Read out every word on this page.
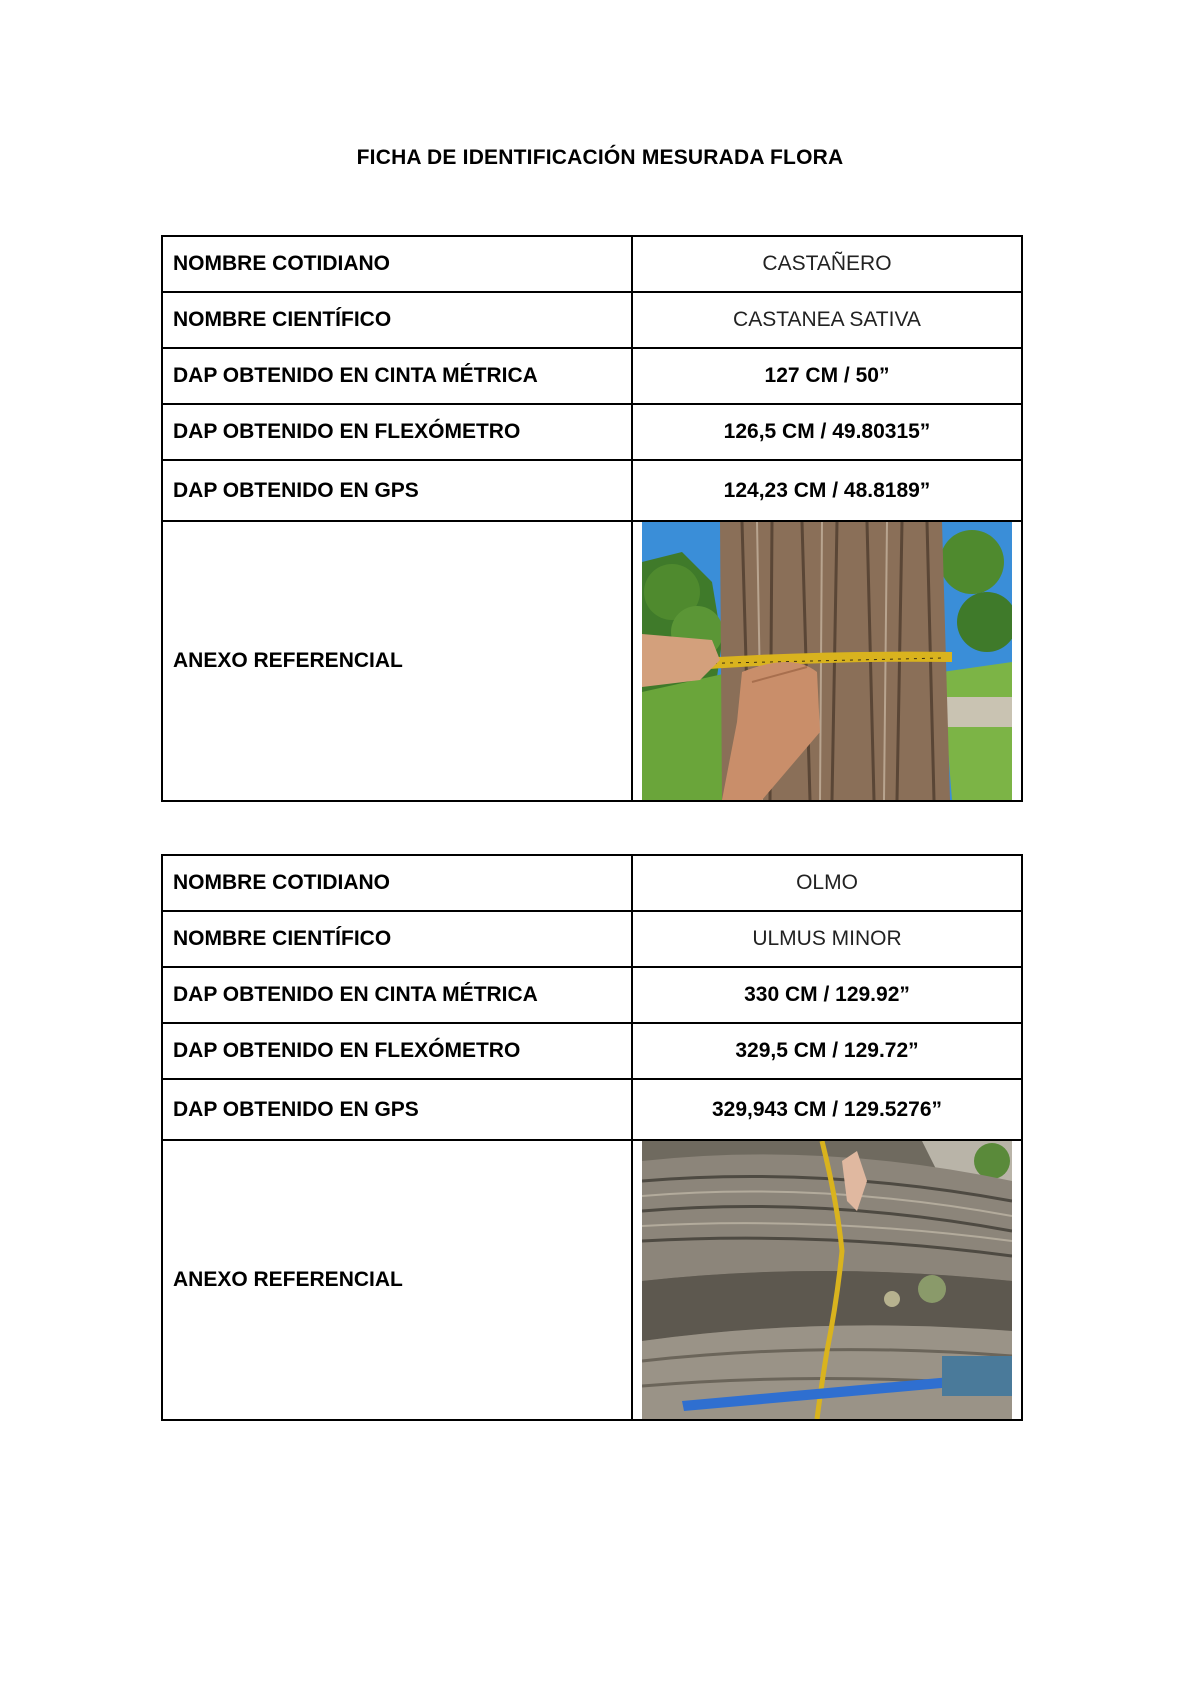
FICHA DE IDENTIFICACIÓN MESURADA FLORA
NOMBRE COTIDIANO	CASTAÑERO
NOMBRE CIENTÍFICO	CASTANEA SATIVA
DAP OBTENIDO EN CINTA MÉTRICA	127 CM / 50”
DAP OBTENIDO EN FLEXÓMETRO	126,5 CM / 49.80315”
DAP OBTENIDO EN GPS	124,23 CM / 48.8189”
ANEXO REFERENCIAL	
NOMBRE COTIDIANO	OLMO
NOMBRE CIENTÍFICO	ULMUS MINOR
DAP OBTENIDO EN CINTA MÉTRICA	330 CM / 129.92”
DAP OBTENIDO EN FLEXÓMETRO	329,5 CM / 129.72”
DAP OBTENIDO EN GPS	329,943 CM / 129.5276”
ANEXO REFERENCIAL	
